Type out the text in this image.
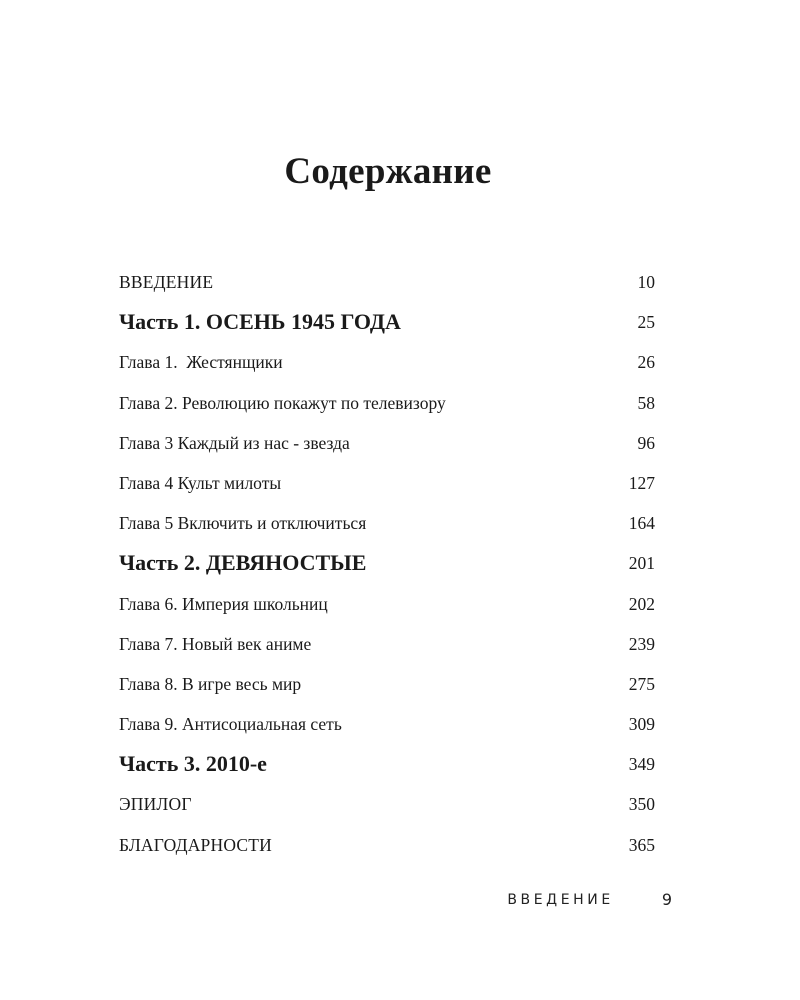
Содержание
ВВЕДЕНИЕ	10
Часть 1. ОСЕНЬ 1945 ГОДА	25
Глава 1.  Жестянщики	26
Глава 2. Революцию покажут по телевизору	58
Глава 3 Каждый из нас - звезда	96
Глава 4 Культ милоты	127
Глава 5 Включить и отключиться	164
Часть 2. ДЕВЯНОСТЫЕ	201
Глава 6. Империя школьниц	202
Глава 7. Новый век аниме	239
Глава 8. В игре весь мир	275
Глава 9. Антисоциальная сеть	309
Часть 3. 2010-е	349
ЭПИЛОГ	350
БЛАГОДАРНОСТИ	365
ВВЕДЕНИЕ	9
